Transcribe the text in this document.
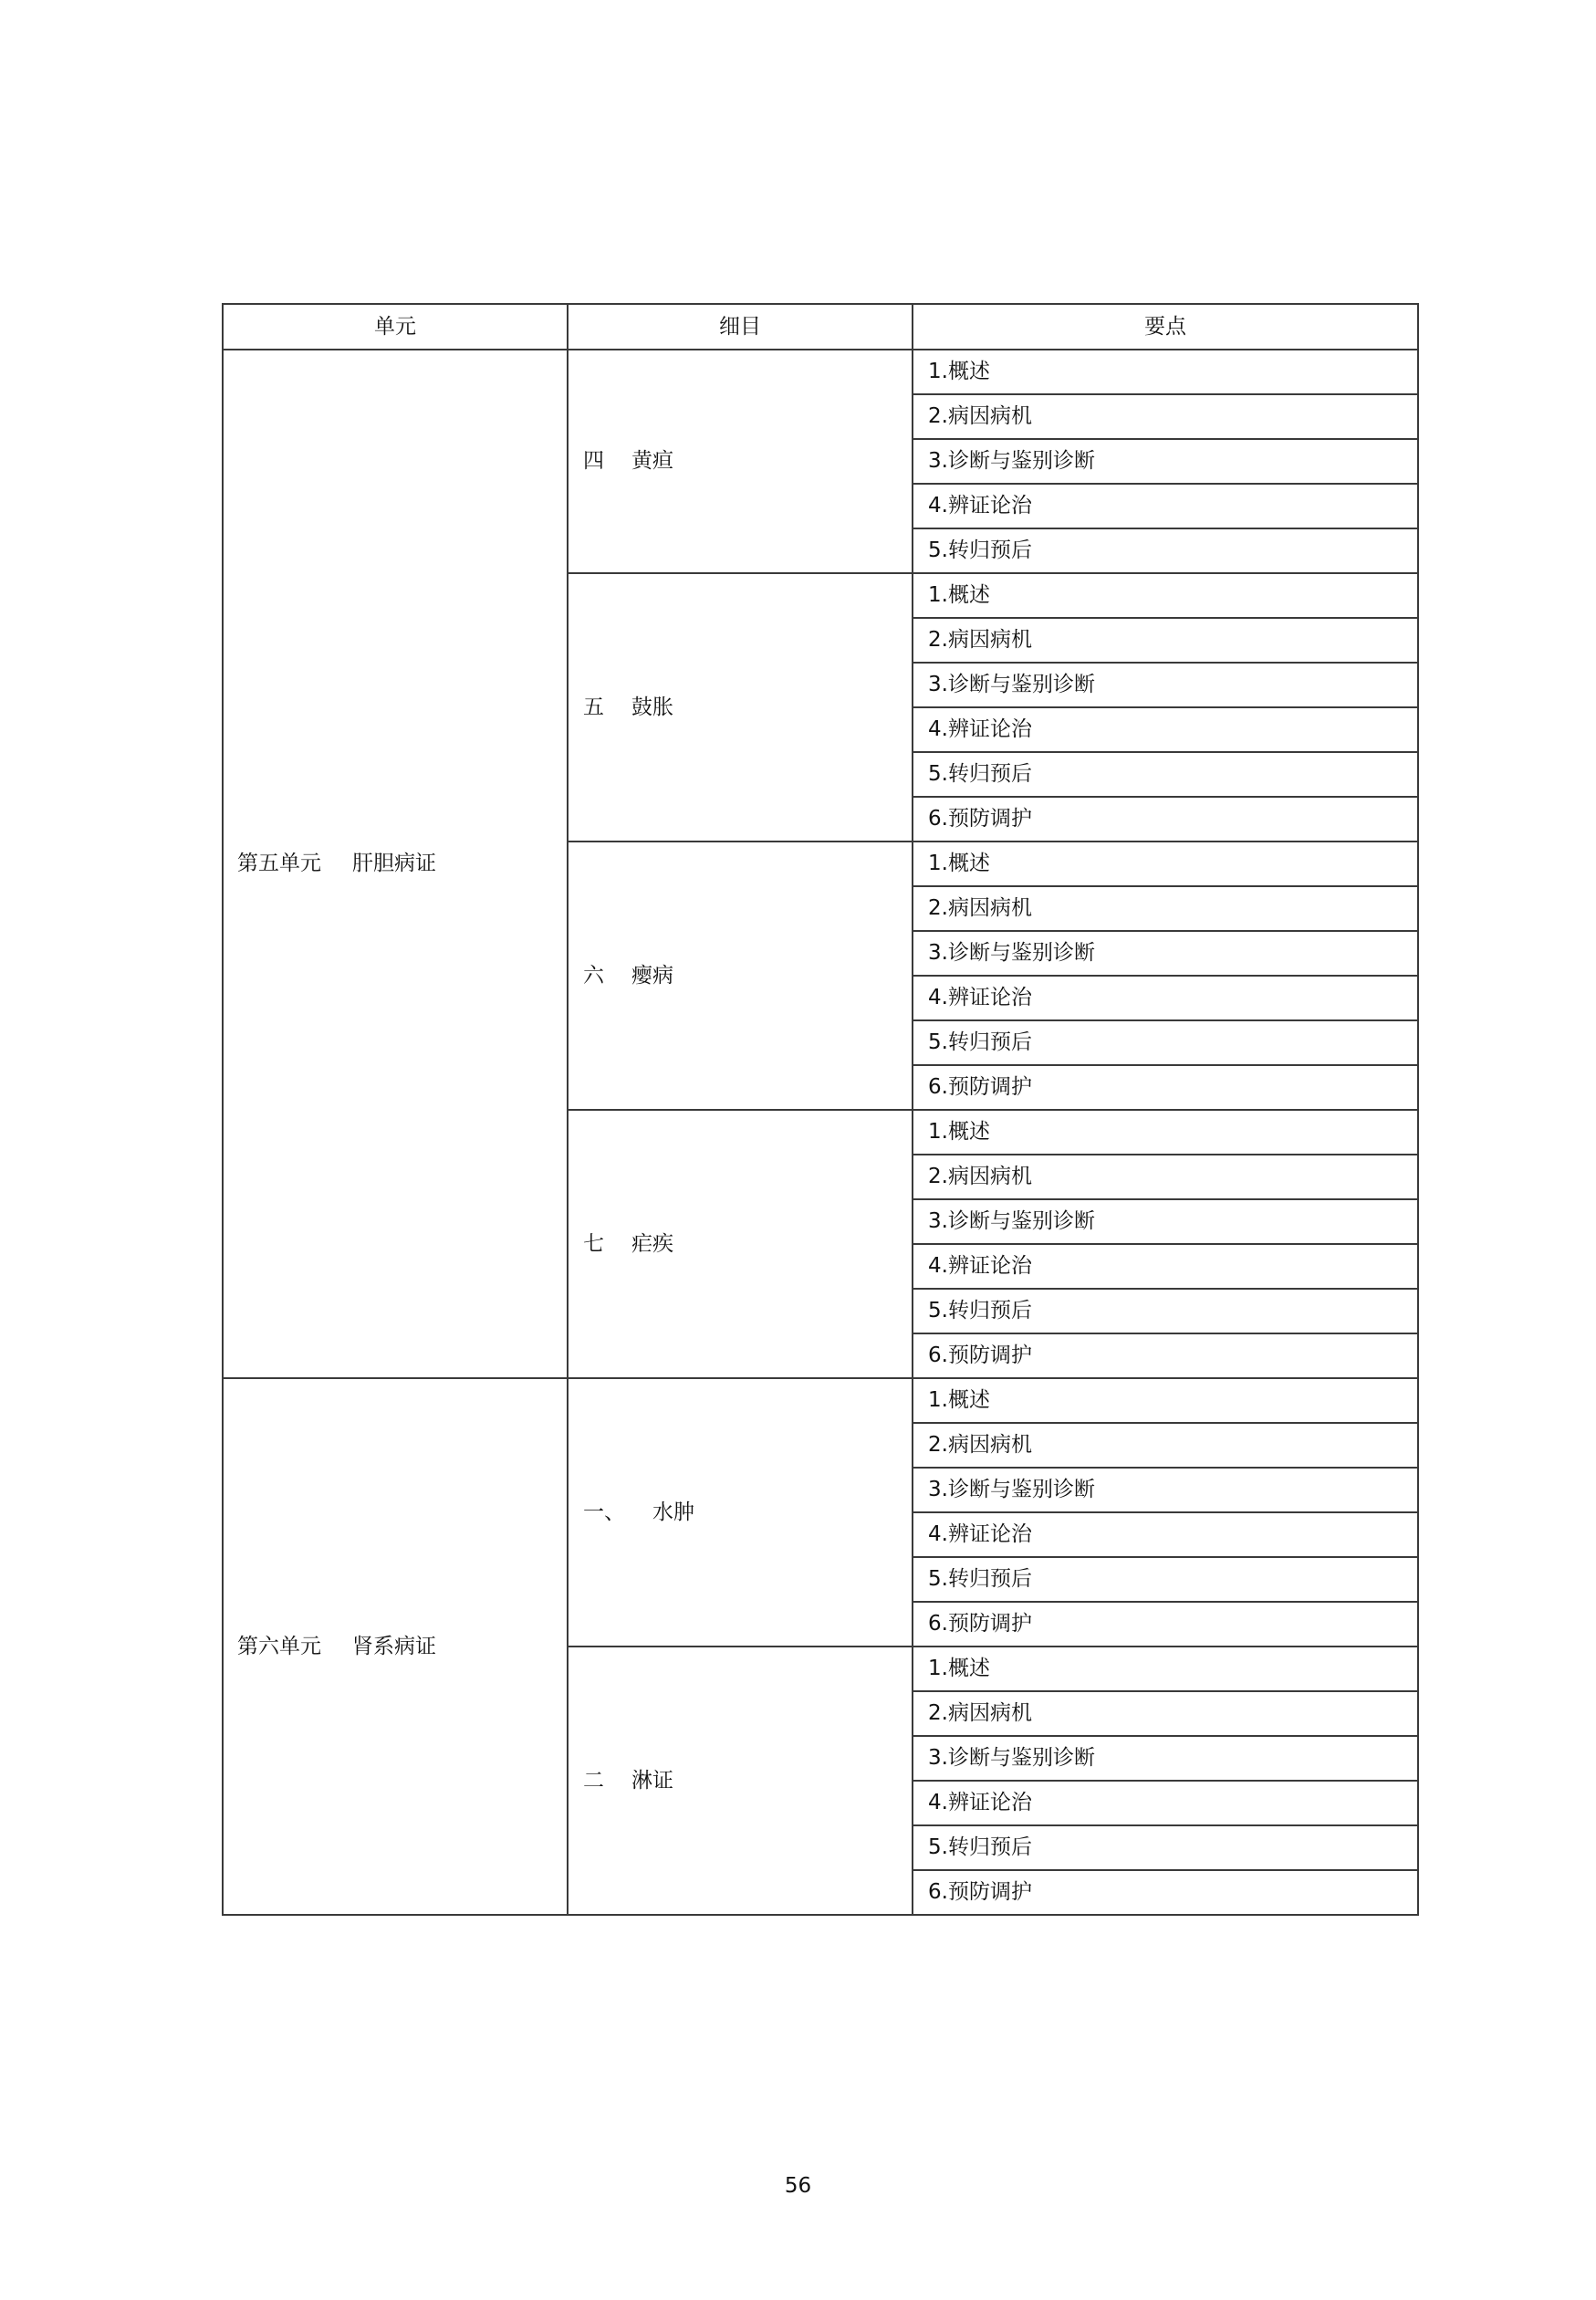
单元	细目	要点
第五单元 肝胆病证	四 黄疸	1.概述
		2.病因病机
		3.诊断与鉴别诊断
		4.辨证论治
		5.转归预后
	五 鼓胀	1.概述
		2.病因病机
		3.诊断与鉴别诊断
		4.辨证论治
		5.转归预后
		6.预防调护
	六 瘿病	1.概述
		2.病因病机
		3.诊断与鉴别诊断
		4.辨证论治
		5.转归预后
		6.预防调护
	七 疟疾	1.概述
		2.病因病机
		3.诊断与鉴别诊断
		4.辨证论治
		5.转归预后
		6.预防调护
第六单元 肾系病证	一、 水肿	1.概述
		2.病因病机
		3.诊断与鉴别诊断
		4.辨证论治
		5.转归预后
		6.预防调护
	二 淋证	1.概述
		2.病因病机
		3.诊断与鉴别诊断
		4.辨证论治
		5.转归预后
		6.预防调护
56
